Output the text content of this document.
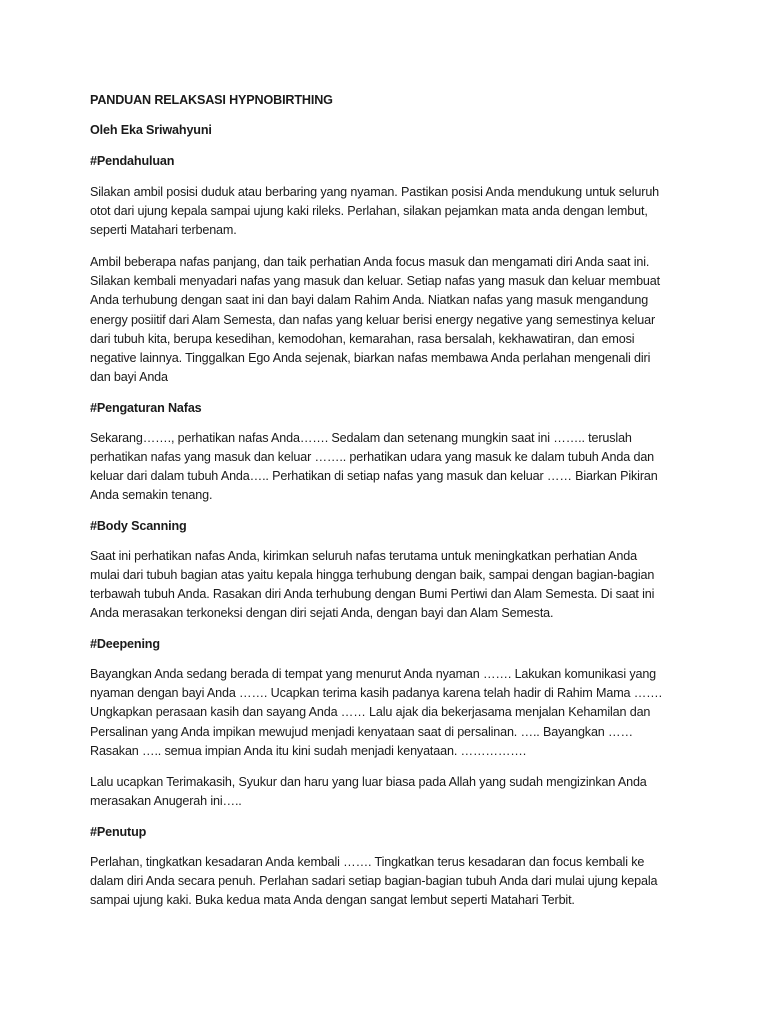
PANDUAN RELAKSASI HYPNOBIRTHING

Oleh Eka Sriwahyuni

#Pendahuluan

Silakan ambil posisi duduk atau berbaring yang nyaman. Pastikan posisi Anda mendukung untuk seluruh
otot dari ujung kepala sampai ujung kaki rileks. Perlahan, silakan pejamkan mata anda dengan lembut,
seperti Matahari terbenam.

Ambil beberapa nafas panjang, dan taik perhatian Anda focus masuk dan mengamati diri Anda saat ini.
Silakan kembali menyadari nafas yang masuk dan keluar. Setiap nafas yang masuk dan keluar membuat
Anda terhubung dengan saat ini dan bayi dalam Rahim Anda. Niatkan nafas yang masuk mengandung
energy posiitif dari Alam Semesta, dan nafas yang keluar berisi energy negative yang semestinya keluar
dari tubuh kita, berupa kesedihan, kemodohan, kemarahan, rasa bersalah, kekhawatiran, dan emosi
negative lainnya. Tinggalkan Ego Anda sejenak, biarkan nafas membawa Anda perlahan mengenali diri
dan bayi Anda

#Pengaturan Nafas

Sekarang……., perhatikan nafas Anda……. Sedalam dan setenang mungkin saat ini …….. teruslah
perhatikan nafas yang masuk dan keluar …….. perhatikan udara yang masuk ke dalam tubuh Anda dan
keluar dari dalam tubuh Anda….. Perhatikan di setiap nafas yang masuk dan keluar …… Biarkan Pikiran
Anda semakin tenang.

#Body Scanning

Saat ini perhatikan nafas Anda, kirimkan seluruh nafas terutama untuk meningkatkan perhatian Anda
mulai dari tubuh bagian atas yaitu kepala hingga terhubung dengan baik, sampai dengan bagian-bagian
terbawah tubuh Anda. Rasakan diri Anda terhubung dengan Bumi Pertiwi dan Alam Semesta. Di saat ini
Anda merasakan terkoneksi dengan diri sejati Anda, dengan bayi dan Alam Semesta.

#Deepening

Bayangkan Anda sedang berada di tempat yang menurut Anda nyaman ……. Lakukan komunikasi yang
nyaman dengan bayi Anda ……. Ucapkan terima kasih padanya karena telah hadir di Rahim Mama …….
Ungkapkan perasaan kasih dan sayang Anda …… Lalu ajak dia bekerjasama menjalan Kehamilan dan
Persalinan yang Anda impikan mewujud menjadi kenyataan saat di persalinan. ….. Bayangkan ……
Rasakan ….. semua impian Anda itu kini sudah menjadi kenyataan. …………….

Lalu ucapkan Terimakasih, Syukur dan haru yang luar biasa pada Allah yang sudah mengizinkan Anda
merasakan Anugerah ini…..

#Penutup

Perlahan, tingkatkan kesadaran Anda kembali ……. Tingkatkan terus kesadaran dan focus kembali ke
dalam diri Anda secara penuh. Perlahan sadari setiap bagian-bagian tubuh Anda dari mulai ujung kepala
sampai ujung kaki. Buka kedua mata Anda dengan sangat lembut seperti Matahari Terbit.
